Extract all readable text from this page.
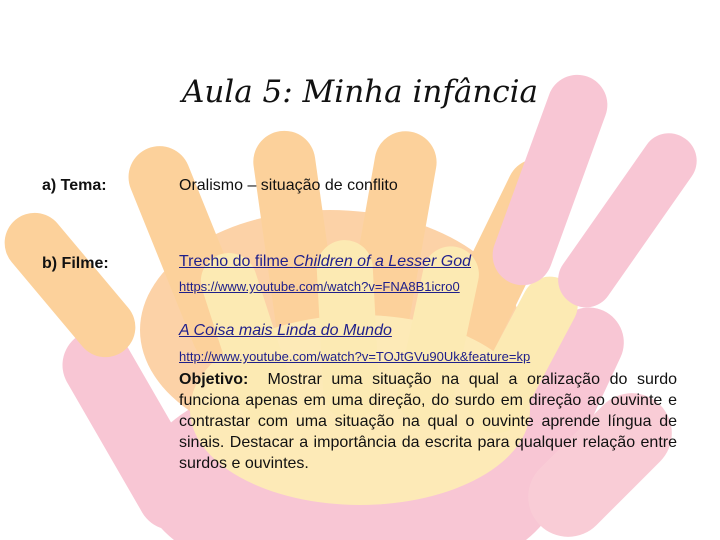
Aula 5: Minha infância
a) Tema:	Oralismo – situação de conflito
b) Filme:	Trecho do filme Children of a Lesser God
https://www.youtube.com/watch?v=FNA8B1icro0
A Coisa mais Linda do Mundo
http://www.youtube.com/watch?v=TOJtGVu90Uk&feature=kp
Objetivo: Mostrar uma situação na qual a oralização do surdo funciona apenas em uma direção, do surdo em direção ao ouvinte e contrastar com uma situação na qual o ouvinte aprende língua de sinais. Destacar a importância da escrita para qualquer relação entre surdos e ouvintes.
